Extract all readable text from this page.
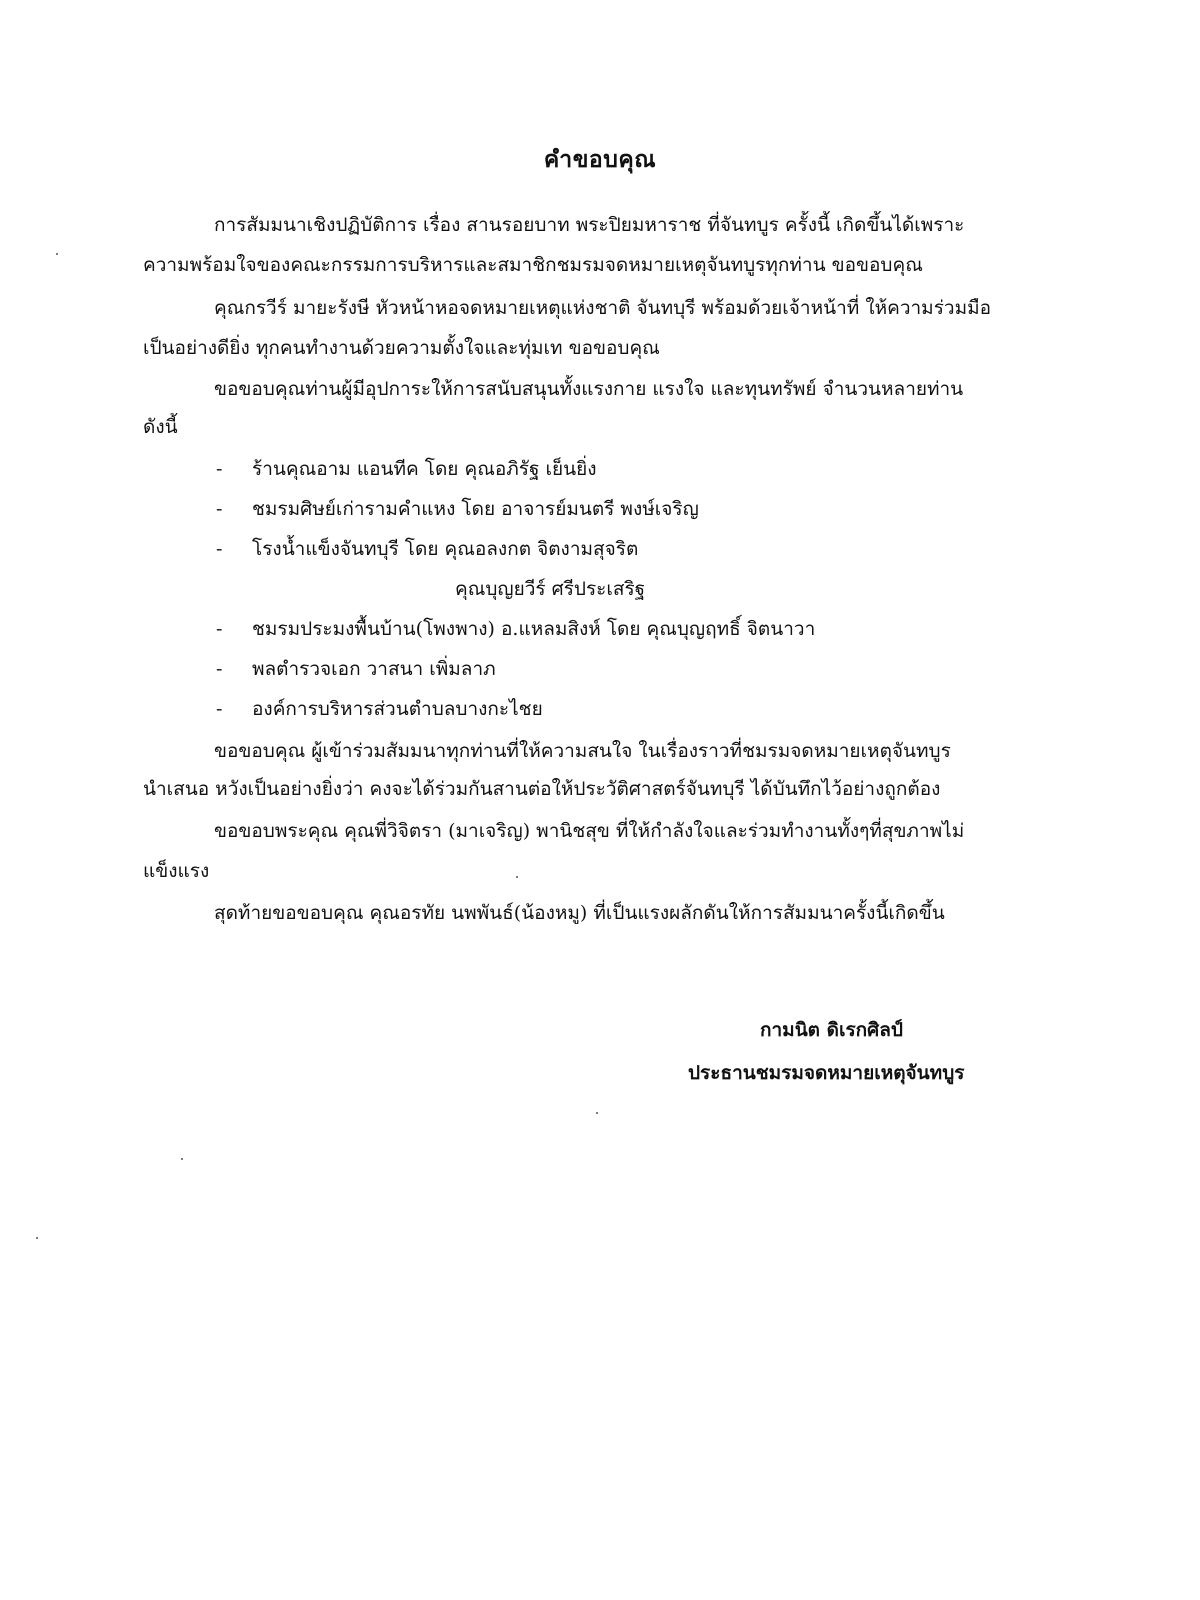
คำขอบคุณ
การสัมมนาเชิงปฏิบัติการ เรื่อง สานรอยบาท พระปิยมหาราช ที่จันทบูร ครั้งนี้ เกิดขึ้นได้เพราะ
ความพร้อมใจของคณะกรรมการบริหารและสมาชิกชมรมจดหมายเหตุจันทบูรทุกท่าน ขอขอบคุณ
คุณกรวีร์ มายะรังษี หัวหน้าหอจดหมายเหตุแห่งชาติ จันทบุรี พร้อมด้วยเจ้าหน้าที่ ให้ความร่วมมือ
เป็นอย่างดียิ่ง ทุกคนทำงานด้วยความตั้งใจและทุ่มเท ขอขอบคุณ
ขอขอบคุณท่านผู้มีอุปการะให้การสนับสนุนทั้งแรงกาย แรงใจ และทุนทรัพย์ จำนวนหลายท่าน
ดังนี้
- ร้านคุณอาม แอนทีค โดย คุณอภิรัฐ เย็นยิ่ง
- ชมรมศิษย์เก่ารามคำแหง โดย อาจารย์มนตรี พงษ์เจริญ
- โรงน้ำแข็งจันทบุรี โดย คุณอลงกต จิตงามสุจริต
คุณบุญยวีร์ ศรีประเสริฐ
- ชมรมประมงพื้นบ้าน(โพงพาง) อ.แหลมสิงห์ โดย คุณบุญฤทธิ์ จิตนาวา
- พลตำรวจเอก วาสนา เพิ่มลาภ
- องค์การบริหารส่วนตำบลบางกะไชย
ขอขอบคุณ ผู้เข้าร่วมสัมมนาทุกท่านที่ให้ความสนใจ ในเรื่องราวที่ชมรมจดหมายเหตุจันทบูร
นำเสนอ หวังเป็นอย่างยิ่งว่า คงจะได้ร่วมกันสานต่อให้ประวัติศาสตร์จันทบุรี ได้บันทึกไว้อย่างถูกต้อง
ขอขอบพระคุณ คุณพี่วิจิตรา (มาเจริญ) พานิชสุข ที่ให้กำลังใจและร่วมทำงานทั้งๆที่สุขภาพไม่
แข็งแรง
สุดท้ายขอขอบคุณ คุณอรทัย นพพันธ์(น้องหมู) ที่เป็นแรงผลักดันให้การสัมมนาครั้งนี้เกิดขึ้น
กามนิต ดิเรกศิลป์
ประธานชมรมจดหมายเหตุจันทบูร
